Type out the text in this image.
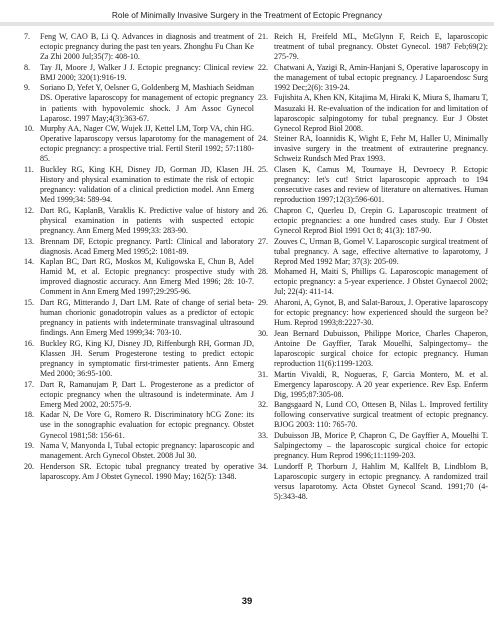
Role of Minimally Invasive Surgery in the Treatment of Ectopic Pregnancy
7. Feng W, CAO B, Li Q. Advances in diagnosis and treatment of ectopic pregnancy during the past ten years. Zhonghu Fu Chan Ke Za Zhi 2000 Jul;35(7): 408-10.
8. Tay JI, Moore J, Walker J J. Ectopic pregnancy: Clinical review BMJ 2000; 320(1):916-19.
9. Soriano D, Yefet Y, Oelsner G, Goldenberg M, Mashiach Seidman DS. Operative laparoscopy for management of ectopic pregnancy in patients with hypovolemic shock. J Am Assoc Gynecol Laparosc. 1997 May;4(3):363-67.
10. Murphy AA, Nager CW, Wujek JJ, Kettel LM, Torp VA, chin HG. Operative laparoscopy versus laparotomy for the management of ectopic pregnancy: a prospective trial. Fertil Steril 1992; 57:1180-85.
11. Buckley RG, King KH, Disney JD, Gorman JD, Klasen JH. History and physical examination to estimate the risk of ectopic pregnancy: validation of a clinical prediction model. Ann Emerg Med 1999;34: 589-94.
12. Dart RG, KaplanB, Varaklis K. Predictive value of history and physical examination in patients with suspected ectopic pregnancy. Ann Emerg Med 1999;33: 283-90.
13. Brennam DF, Ectopic pregnancy. PartI: Clinical and laboratory diagnosis. Acad Emerg Med 1995;2: 1081-89.
14. Kaplan BC, Dart RG, Moskos M, Kuligowska E, Chun B, Adel Hamid M, et al. Ectopic pregnancy: prospective study with improved diagnostic accuracy. Ann Emerg Med 1996; 28: 10-7. Comment in Ann Emerg Med 1997;29:295-96.
15. Dart RG, Mitterando J, Dart LM. Rate of change of serial beta-human chorionic gonadotropin values as a predictor of ectopic pregnancy in patients with indeterminate transvaginal ultrasound findings. Ann Emerg Med 1999;34: 703-10.
16. Buckley RG, King KJ, Disney JD, Riffenburgh RH, Gorman JD, Klassen JH. Serum Progesterone testing to predict ectopic pregnancy in symptomatic first-trimester patients. Ann Emerg Med 2000; 36:95-100.
17. Dart R, Ramanujam P, Dart L. Progesterone as a predictor of ectopic pregnancy when the ultrasound is indeterminate. Am J Emerg Med 2002, 20:575-9.
18. Kadar N, De Vore G, Romero R. Discriminatory hCG Zone: its use in the sonographic evaluation for ectopic pregnancy. Obstet Gynecol 1981;58: 156-61.
19. Nama V, Manyonda I, Tubal ectopic pregnancy: laparoscopic and management. Arch Gynecol Obstet. 2008 Jul 30.
20. Henderson SR. Ectopic tubal pregnancy treated by operative laparoscopy. Am J Obstet Gynecol. 1990 May; 162(5): 1348.
21. Reich H, Freifeld ML, McGlynn F, Reich E, laparoscopic treatment of tubal pregnancy. Obstet Gynecol. 1987 Feb;69(2): 275-79.
22. Chatwani A, Yazigi R, Amin-Hanjani S, Operative laparoscopy in the management of tubal ectopic pregnancy. J Laparoendosc Surg 1992 Dec;2(6): 319-24.
23. Fujishita A, Khen KN, Kitajima M, Hiraki K, Miura S, Ihamaru T, Masuzaki H. Re-evaluation of the indication for and limitation of laparoscopic salpingotomy for tubal pregnancy. Eur J Obstet Gynecol Reprod Biol 2008.
24. Steiner RA, Ioannidis K, Wight E, Fehr M, Haller U, Minimally invasive surgery in the treatment of extrauterine pregnancy. Schweiz Rundsch Med Prax 1993.
25. Clasen K, Camus M, Tournaye H, Devroecy P. Ectopic pregnancy: let's cut! Strict laparoscopic approach to 194 consecutive cases and review of literature on alternatives. Human reproduction 1997;12(3):596-601.
26. Chapron C, Querleu D, Crepin G. Laparoscopic treatment of ectopic pregnancies: a one hundred cases study. Eur J Obstet Gynecol Reprod Biol 1991 Oct 8; 41(3): 187-90.
27. Zouves C, Urman B, Gomel V. Laparoscopic surgical treatment of tubal pregnancy. A sage, effective alternative to laparotomy, J Reprod Med 1992 Mar; 37(3): 205-09.
28. Mohamed H, Maiti S, Phillips G. Laparoscopic management of ectopic pregnancy: a 5-year experience. J Obstet Gynaecol 2002; Jul; 22(4): 411-14.
29. Aharoni, A, Gynot, B, and Salat-Baroux, J. Operative laparoscopy for ectopic pregnancy: how experienced should the surgeon be? Hum. Reprod 1993;8:2227-30.
30. Jean Bernard Dubuisson, Philippe Morice, Charles Chaperon, Antoine De Gayffier, Tarak Mouelhi, Salpingectomy– the laparoscopic surgical choice for ectopic pregnancy. Human reproduction 11(6):1199-1203.
31. Martin Vivaldi, R, Nogueras, F, Garcia Montero, M. et al. Emergency laparoscopy. A 20 year experience. Rev Esp. Enferm Dig, 1995;87:305-08.
32. Bangsgaard N, Lund CO, Ottesen B, Nilas L. Improved fertility following conservative surgical treatment of ectopic pregnancy. BJOG 2003: 110: 765-70.
33. Dubuisson JB, Morice P, Chapron C, De Gayffier A, Mouelhi T. Salpingectomy – the laparoscopic surgical choice for ectopic pregnancy. Hum Reprod 1996;11:1199-203.
34. Lundorff P, Thorburn J, Hahlim M, Kallfelt B, Lindblom B, Laparoscopic surgery in ectopic pregnancy. A randomized trail versus laparotomy. Acta Obstet Gynecol Scand. 1991;70 (4-5):343-48.
39
